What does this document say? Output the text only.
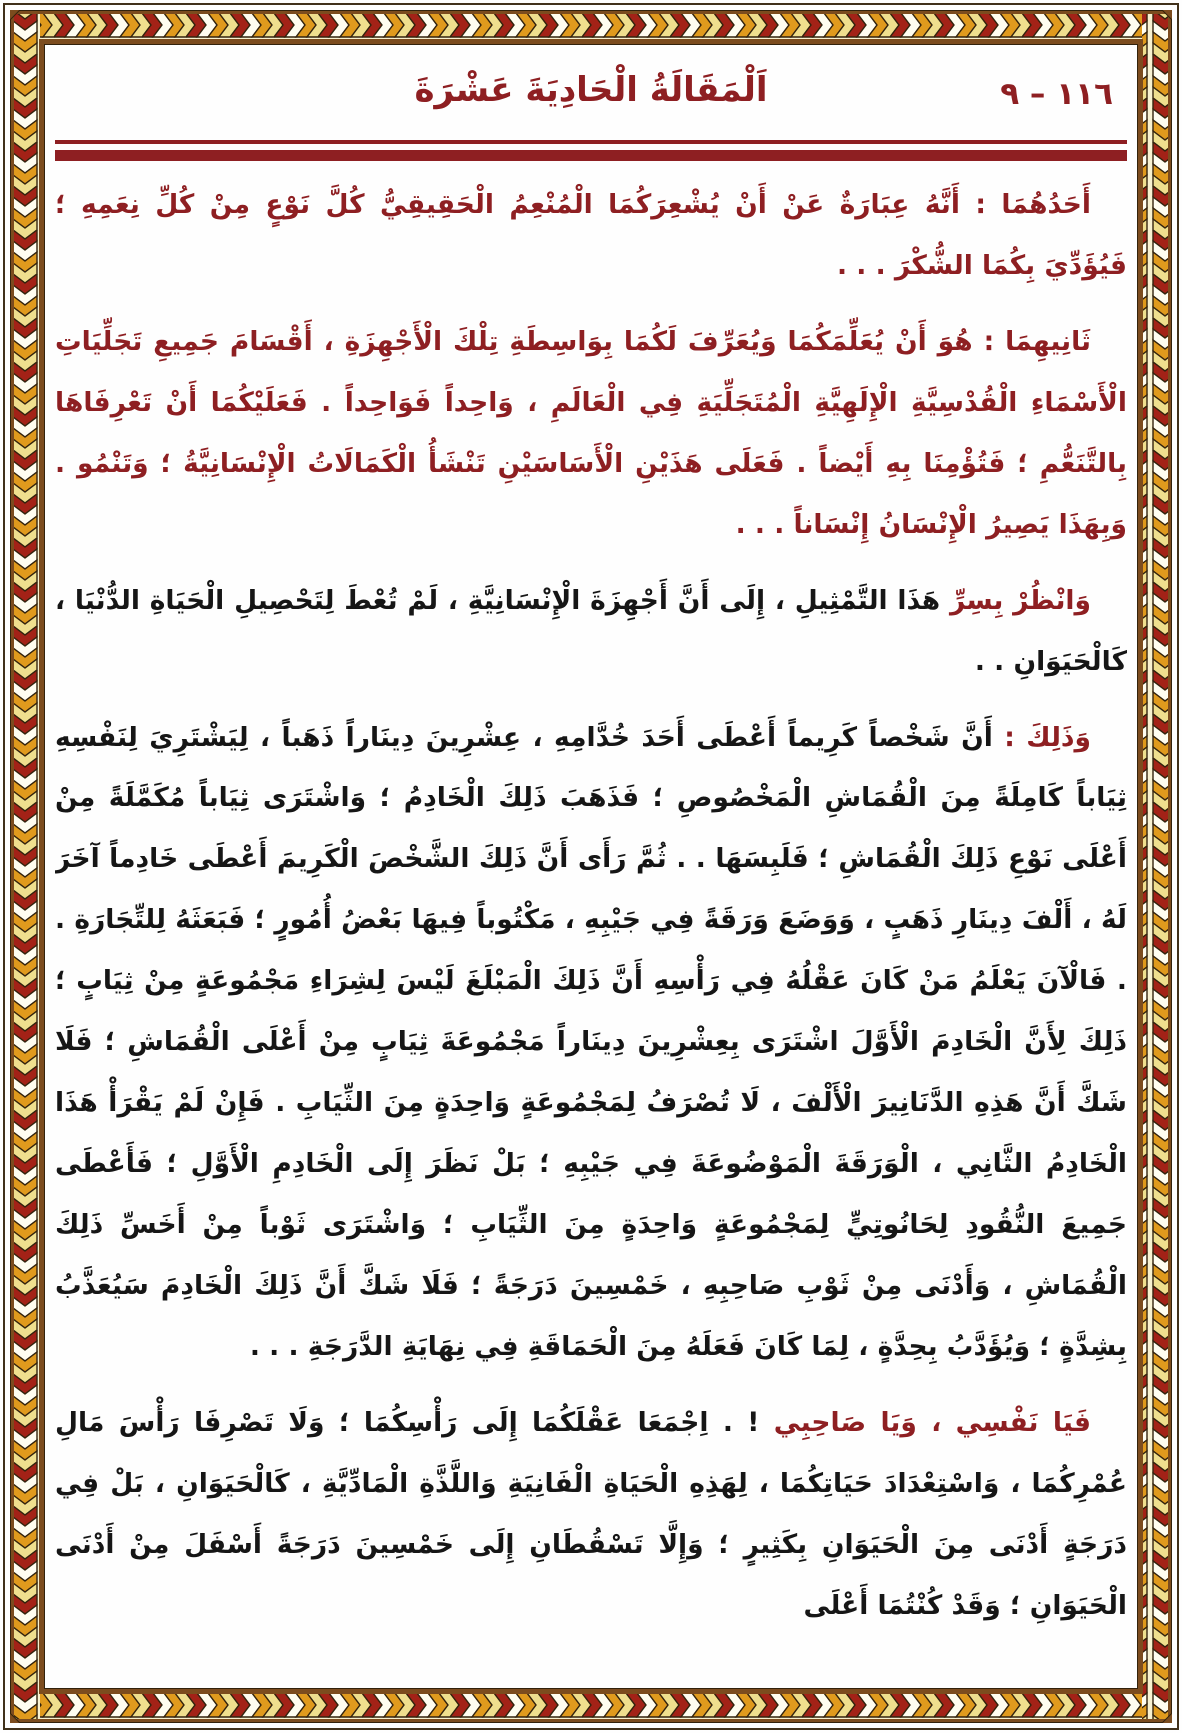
اَلْمَقَالَةُ الْحَادِيَةَ عَشْرَةَ	١١٦ – ٩

أَحَدُهُمَا : أَنَّهُ عِبَارَةٌ عَنْ أَنْ يُشْعِرَكُمَا الْمُنْعِمُ الْحَقِيقِيُّ كُلَّ نَوْعٍ مِنْ كُلِّ نِعَمِهِ ؛ فَيُؤَدِّيَ بِكُمَا الشُّكْرَ . . .

ثَانِيهِمَا : هُوَ أَنْ يُعَلِّمَكُمَا وَيُعَرِّفَ لَكُمَا بِوَاسِطَةِ تِلْكَ الْأَجْهِزَةِ ، أَقْسَامَ جَمِيعِ تَجَلِّيَاتِ الْأَسْمَاءِ الْقُدْسِيَّةِ الْإِلَهِيَّةِ الْمُتَجَلِّيَةِ فِي الْعَالَمِ ، وَاحِداً فَوَاحِداً . فَعَلَيْكُمَا أَنْ تَعْرِفَاهَا بِالتَّنَعُّمِ ؛ فَتُؤْمِنَا بِهِ أَيْضاً . فَعَلَى هَذَيْنِ الْأَسَاسَيْنِ تَنْشَأُ الْكَمَالَاتُ الْإِنْسَانِيَّةُ ؛ وَتَنْمُو . وَبِهَذَا يَصِيرُ الْإِنْسَانُ إِنْسَاناً . . .

وَانْظُرْ بِسِرِّ هَذَا التَّمْثِيلِ ، إِلَى أَنَّ أَجْهِزَةَ الْإِنْسَانِيَّةِ ، لَمْ تُعْطَ لِتَحْصِيلِ الْحَيَاةِ الدُّنْيَا ، كَالْحَيَوَانِ . .

وَذَلِكَ : أَنَّ شَخْصاً كَرِيماً أَعْطَى أَحَدَ خُدَّامِهِ ، عِشْرِينَ دِينَاراً ذَهَباً ، لِيَشْتَرِيَ لِنَفْسِهِ ثِيَاباً كَامِلَةً مِنَ الْقُمَاشِ الْمَخْصُوصِ ؛ فَذَهَبَ ذَلِكَ الْخَادِمُ ؛ وَاشْتَرَى ثِيَاباً مُكَمَّلَةً مِنْ أَعْلَى نَوْعِ ذَلِكَ الْقُمَاشِ ؛ فَلَبِسَهَا . . ثُمَّ رَأَى أَنَّ ذَلِكَ الشَّخْصَ الْكَرِيمَ أَعْطَى خَادِماً آخَرَ لَهُ ، أَلْفَ دِينَارِ ذَهَبٍ ، وَوَضَعَ وَرَقَةً فِي جَيْبِهِ ، مَكْتُوباً فِيهَا بَعْضُ أُمُورٍ ؛ فَبَعَثَهُ لِلتِّجَارَةِ . . فَالْآنَ يَعْلَمُ مَنْ كَانَ عَقْلُهُ فِي رَأْسِهِ أَنَّ ذَلِكَ الْمَبْلَغَ لَيْسَ لِشِرَاءِ مَجْمُوعَةٍ مِنْ ثِيَابٍ ؛ ذَلِكَ لِأَنَّ الْخَادِمَ الْأَوَّلَ اشْتَرَى بِعِشْرِينَ دِينَاراً مَجْمُوعَةَ ثِيَابٍ مِنْ أَعْلَى الْقُمَاشِ ؛ فَلَا شَكَّ أَنَّ هَذِهِ الدَّنَانِيرَ الْأَلْفَ ، لَا تُصْرَفُ لِمَجْمُوعَةٍ وَاحِدَةٍ مِنَ الثِّيَابِ . فَإِنْ لَمْ يَقْرَأْ هَذَا الْخَادِمُ الثَّانِي ، الْوَرَقَةَ الْمَوْضُوعَةَ فِي جَيْبِهِ ؛ بَلْ نَظَرَ إِلَى الْخَادِمِ الْأَوَّلِ ؛ فَأَعْطَى جَمِيعَ النُّقُودِ لِحَانُوتِيٍّ لِمَجْمُوعَةٍ وَاحِدَةٍ مِنَ الثِّيَابِ ؛ وَاشْتَرَى ثَوْباً مِنْ أَخَسِّ ذَلِكَ الْقُمَاشِ ، وَأَدْنَى مِنْ ثَوْبِ صَاحِبِهِ ، خَمْسِينَ دَرَجَةً ؛ فَلَا شَكَّ أَنَّ ذَلِكَ الْخَادِمَ سَيُعَذَّبُ بِشِدَّةٍ ؛ وَيُؤَدَّبُ بِحِدَّةٍ ، لِمَا كَانَ فَعَلَهُ مِنَ الْحَمَاقَةِ فِي نِهَايَةِ الدَّرَجَةِ . . .

فَيَا نَفْسِي ، وَيَا صَاحِبِي ! . اِجْمَعَا عَقْلَكُمَا إِلَى رَأْسِكُمَا ؛ وَلَا تَصْرِفَا رَأْسَ مَالِ عُمْرِكُمَا ، وَاسْتِعْدَادَ حَيَاتِكُمَا ، لِهَذِهِ الْحَيَاةِ الْفَانِيَةِ وَاللَّذَّةِ الْمَادِّيَّةِ ، كَالْحَيَوَانِ ، بَلْ فِي دَرَجَةٍ أَدْنَى مِنَ الْحَيَوَانِ بِكَثِيرٍ ؛ وَإِلَّا تَسْقُطَانِ إِلَى خَمْسِينَ دَرَجَةً أَسْفَلَ مِنْ أَدْنَى الْحَيَوَانِ ؛ وَقَدْ كُنْتُمَا أَعْلَى
